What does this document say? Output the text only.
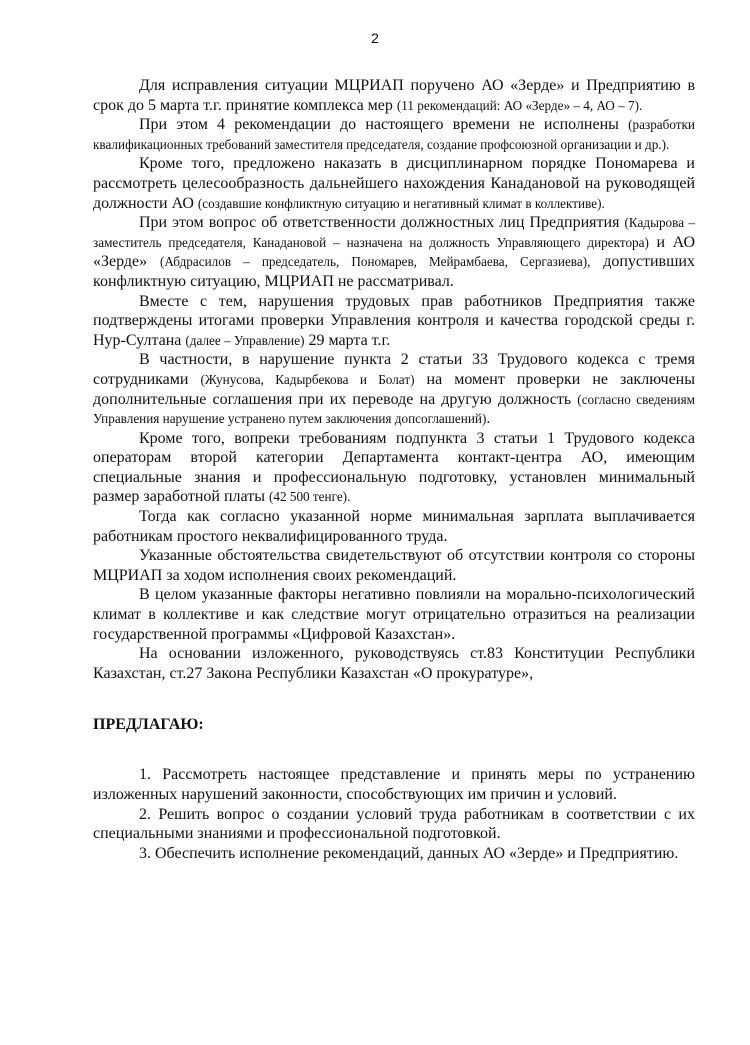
2

Для исправления ситуации МЦРИАП поручено АО «Зерде» и Предприятию в срок до 5 марта т.г. принятие комплекса мер (11 рекомендаций: АО «Зерде» – 4, АО – 7).

При этом 4 рекомендации до настоящего времени не исполнены (разработки квалификационных требований заместителя председателя, создание профсоюзной организации и др.).

Кроме того, предложено наказать в дисциплинарном порядке Пономарева и рассмотреть целесообразность дальнейшего нахождения Канадановой на руководящей должности АО (создавшие конфликтную ситуацию и негативный климат в коллективе).

При этом вопрос об ответственности должностных лиц Предприятия (Кадырова – заместитель председателя, Канадановой – назначена на должность Управляющего директора) и АО «Зерде» (Абдрасилов – председатель, Пономарев, Мейрамбаева, Сергазиева), допустивших конфликтную ситуацию, МЦРИАП не рассматривал.

Вместе с тем, нарушения трудовых прав работников Предприятия также подтверждены итогами проверки Управления контроля и качества городской среды г. Нур-Султана (далее – Управление) 29 марта т.г.

В частности, в нарушение пункта 2 статьи 33 Трудового кодекса с тремя сотрудниками (Жунусова, Кадырбекова и Болат) на момент проверки не заключены дополнительные соглашения при их переводе на другую должность (согласно сведениям Управления нарушение устранено путем заключения допсоглашений).

Кроме того, вопреки требованиям подпункта 3 статьи 1 Трудового кодекса операторам второй категории Департамента контакт-центра АО, имеющим специальные знания и профессиональную подготовку, установлен минимальный размер заработной платы (42 500 тенге).

Тогда как согласно указанной норме минимальная зарплата выплачивается работникам простого неквалифицированного труда.

Указанные обстоятельства свидетельствуют об отсутствии контроля со стороны МЦРИАП за ходом исполнения своих рекомендаций.

В целом указанные факторы негативно повлияли на морально-психологический климат в коллективе и как следствие могут отрицательно отразиться на реализации государственной программы «Цифровой Казахстан».

На основании изложенного, руководствуясь ст.83 Конституции Республики Казахстан, ст.27 Закона Республики Казахстан «О прокуратуре»,

ПРЕДЛАГАЮ:

1. Рассмотреть настоящее представление и принять меры по устранению изложенных нарушений законности, способствующих им причин и условий.

2. Решить вопрос о создании условий труда работникам в соответствии с их специальными знаниями и профессиональной подготовкой.

3. Обеспечить исполнение рекомендаций, данных АО «Зерде» и Предприятию.
